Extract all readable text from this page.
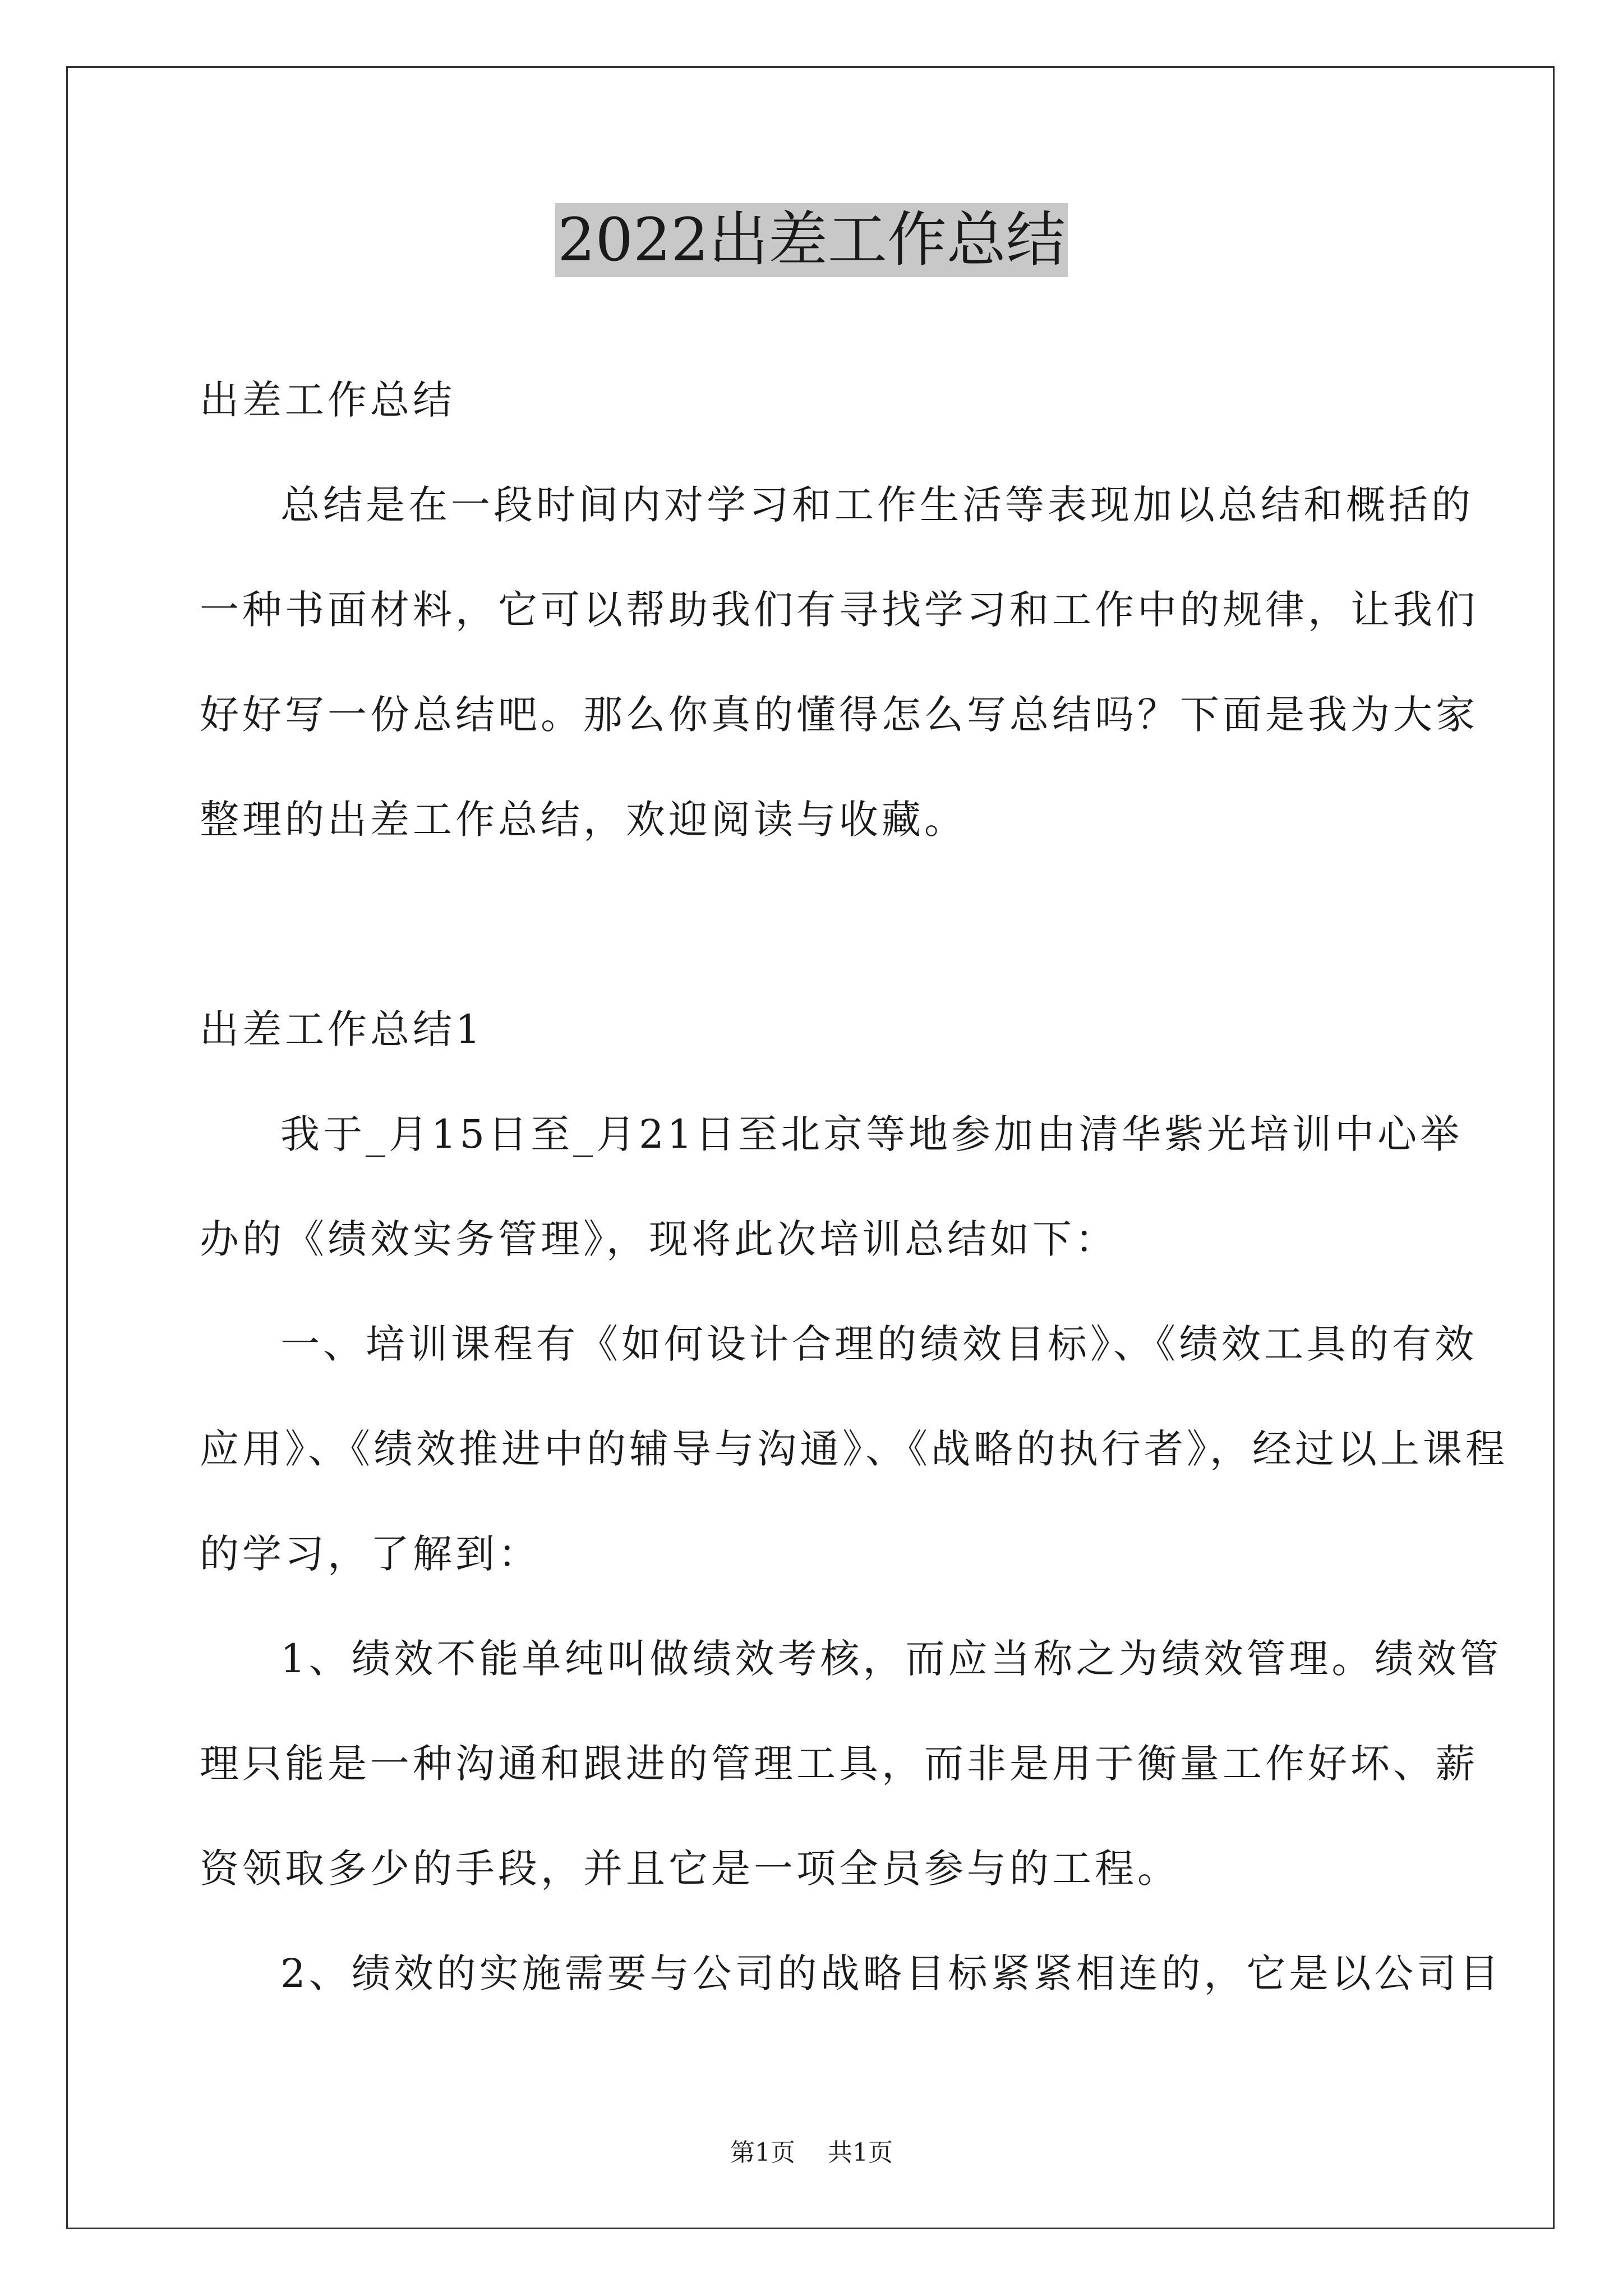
2022出差工作总结
出差工作总结
总结是在一段时间内对学习和工作生活等表现加以总结和概括的
一种书面材料，它可以帮助我们有寻找学习和工作中的规律，让我们
好好写一份总结吧。那么你真的懂得怎么写总结吗？下面是我为大家
整理的出差工作总结，欢迎阅读与收藏。
出差工作总结1
我于_月15日至_月21日至北京等地参加由清华紫光培训中心举
办的《绩效实务管理》，现将此次培训总结如下：
一、培训课程有《如何设计合理的绩效目标》、《绩效工具的有效
应用》、《绩效推进中的辅导与沟通》、《战略的执行者》，经过以上课程
的学习，了解到：
1、绩效不能单纯叫做绩效考核，而应当称之为绩效管理。绩效管
理只能是一种沟通和跟进的管理工具，而非是用于衡量工作好坏、薪
资领取多少的手段，并且它是一项全员参与的工程。
2、绩效的实施需要与公司的战略目标紧紧相连的，它是以公司目
第1页 共1页
